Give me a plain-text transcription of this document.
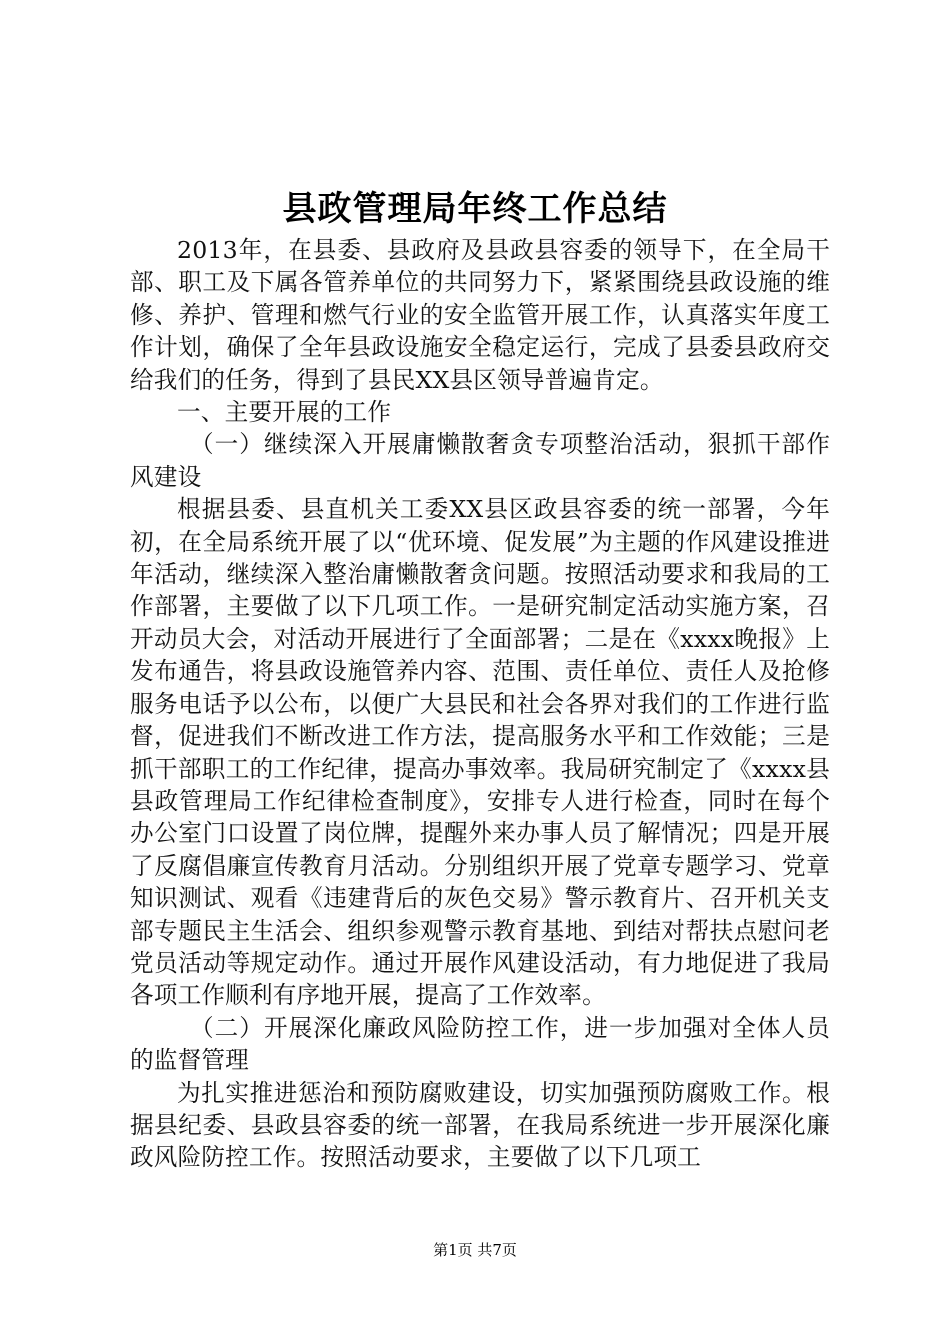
县政管理局年终工作总结

2013年，在县委、县政府及县政县容委的领导下，在全局干部、职工及下属各管养单位的共同努力下，紧紧围绕县政设施的维修、养护、管理和燃气行业的安全监管开展工作，认真落实年度工作计划，确保了全年县政设施安全稳定运行，完成了县委县政府交给我们的任务，得到了县民XX县区领导普遍肯定。

一、主要开展的工作

（一）继续深入开展庸懒散奢贪专项整治活动，狠抓干部作风建设

根据县委、县直机关工委XX县区政县容委的统一部署，今年初，在全局系统开展了以“优环境、促发展”为主题的作风建设推进年活动，继续深入整治庸懒散奢贪问题。按照活动要求和我局的工作部署，主要做了以下几项工作。一是研究制定活动实施方案，召开动员大会，对活动开展进行了全面部署；二是在《xxxx晚报》上发布通告，将县政设施管养内容、范围、责任单位、责任人及抢修服务电话予以公布，以便广大县民和社会各界对我们的工作进行监督，促进我们不断改进工作方法，提高服务水平和工作效能；三是抓干部职工的工作纪律，提高办事效率。我局研究制定了《xxxx县县政管理局工作纪律检查制度》，安排专人进行检查，同时在每个办公室门口设置了岗位牌，提醒外来办事人员了解情况；四是开展了反腐倡廉宣传教育月活动。分别组织开展了党章专题学习、党章知识测试、观看《违建背后的灰色交易》警示教育片、召开机关支部专题民主生活会、组织参观警示教育基地、到结对帮扶点慰问老党员活动等规定动作。通过开展作风建设活动，有力地促进了我局各项工作顺利有序地开展，提高了工作效率。

（二）开展深化廉政风险防控工作，进一步加强对全体人员的监督管理

为扎实推进惩治和预防腐败建设，切实加强预防腐败工作。根据县纪委、县政县容委的统一部署，在我局系统进一步开展深化廉政风险防控工作。按照活动要求，主要做了以下几项工

第1页 共7页
